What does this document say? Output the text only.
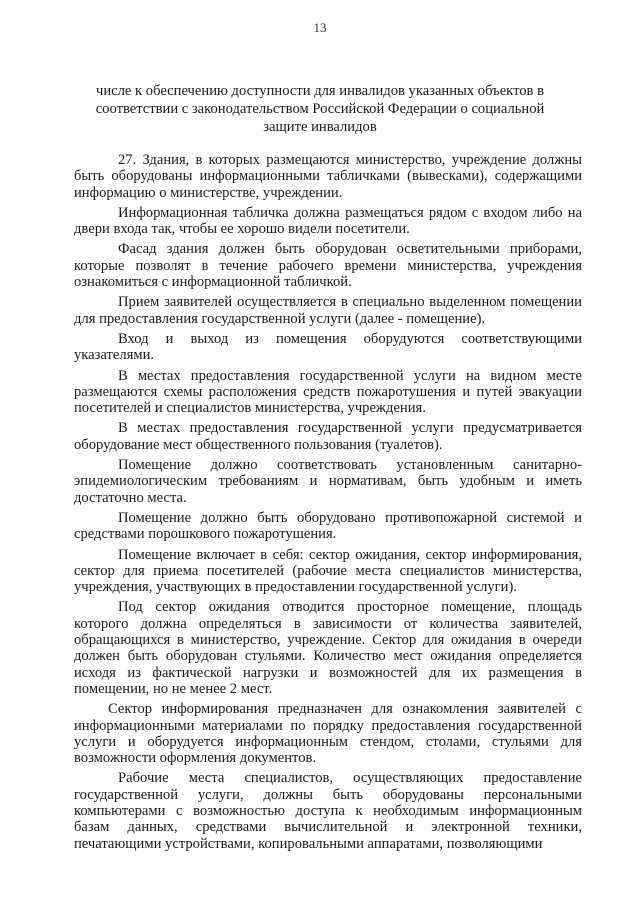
13
числе к обеспечению доступности для инвалидов указанных объектов в
соответствии с законодательством Российской Федерации о социальной
защите инвалидов
27. Здания, в которых размещаются министерство, учреждение должны
быть оборудованы информационными табличками (вывесками), содержащими
информацию о министерстве, учреждении.
Информационная табличка должна размещаться рядом с входом либо на
двери входа так, чтобы ее хорошо видели посетители.
Фасад здания должен быть оборудован осветительными приборами,
которые позволят в течение рабочего времени министерства, учреждения
ознакомиться с информационной табличкой.
Прием заявителей осуществляется в специально выделенном помещении
для предоставления государственной услуги (далее - помещение).
Вход и выход из помещения оборудуются соответствующими
указателями.
В местах предоставления государственной услуги на видном месте
размещаются схемы расположения средств пожаротушения и путей эвакуации
посетителей и специалистов министерства, учреждения.
В местах предоставления государственной услуги предусматривается
оборудование мест общественного пользования (туалетов).
Помещение должно соответствовать установленным санитарно-
эпидемиологическим требованиям и нормативам, быть удобным и иметь
достаточно места.
Помещение должно быть оборудовано противопожарной системой и
средствами порошкового пожаротушения.
Помещение включает в себя: сектор ожидания, сектор информирования,
сектор для приема посетителей (рабочие места специалистов министерства,
учреждения, участвующих в предоставлении государственной услуги).
Под сектор ожидания отводится просторное помещение, площадь
которого должна определяться в зависимости от количества заявителей,
обращающихся в министерство, учреждение. Сектор для ожидания в очереди
должен быть оборудован стульями. Количество мест ожидания определяется
исходя из фактической нагрузки и возможностей для их размещения в
помещении, но не менее 2 мест.
Сектор информирования предназначен для ознакомления заявителей с
информационными материалами по порядку предоставления государственной
услуги и оборудуется информационным стендом, столами, стульями для
возможности оформления документов.
Рабочие места специалистов, осуществляющих предоставление
государственной услуги, должны быть оборудованы персональными
компьютерами с возможностью доступа к необходимым информационным
базам данных, средствами вычислительной и электронной техники,
печатающими устройствами, копировальными аппаратами, позволяющими
